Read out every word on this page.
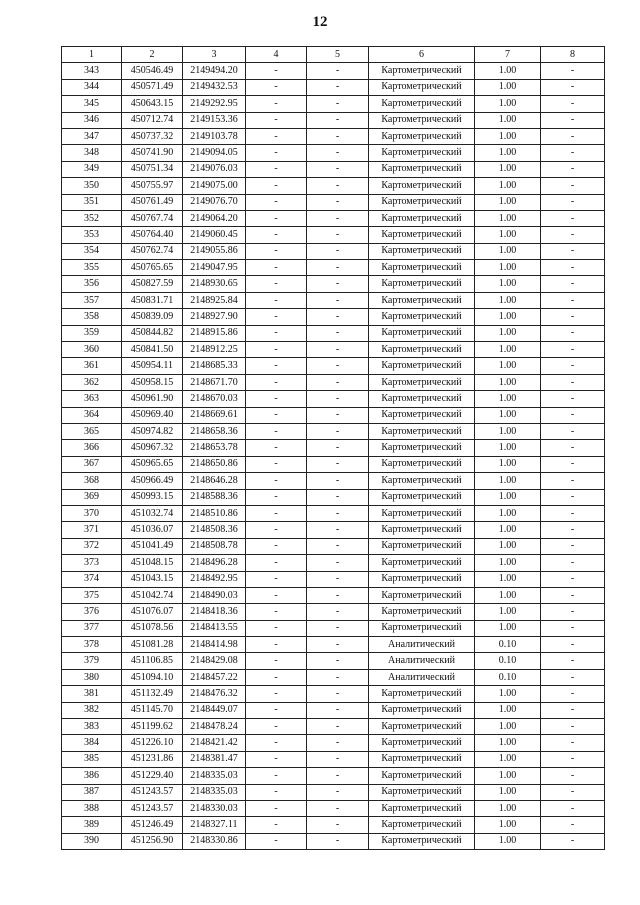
12
1	2	3	4	5	6	7	8
343	450546.49	2149494.20	-	-	Картометрический	1.00	-
344	450571.49	2149432.53	-	-	Картометрический	1.00	-
345	450643.15	2149292.95	-	-	Картометрический	1.00	-
346	450712.74	2149153.36	-	-	Картометрический	1.00	-
347	450737.32	2149103.78	-	-	Картометрический	1.00	-
348	450741.90	2149094.05	-	-	Картометрический	1.00	-
349	450751.34	2149076.03	-	-	Картометрический	1.00	-
350	450755.97	2149075.00	-	-	Картометрический	1.00	-
351	450761.49	2149076.70	-	-	Картометрический	1.00	-
352	450767.74	2149064.20	-	-	Картометрический	1.00	-
353	450764.40	2149060.45	-	-	Картометрический	1.00	-
354	450762.74	2149055.86	-	-	Картометрический	1.00	-
355	450765.65	2149047.95	-	-	Картометрический	1.00	-
356	450827.59	2148930.65	-	-	Картометрический	1.00	-
357	450831.71	2148925.84	-	-	Картометрический	1.00	-
358	450839.09	2148927.90	-	-	Картометрический	1.00	-
359	450844.82	2148915.86	-	-	Картометрический	1.00	-
360	450841.50	2148912.25	-	-	Картометрический	1.00	-
361	450954.11	2148685.33	-	-	Картометрический	1.00	-
362	450958.15	2148671.70	-	-	Картометрический	1.00	-
363	450961.90	2148670.03	-	-	Картометрический	1.00	-
364	450969.40	2148669.61	-	-	Картометрический	1.00	-
365	450974.82	2148658.36	-	-	Картометрический	1.00	-
366	450967.32	2148653.78	-	-	Картометрический	1.00	-
367	450965.65	2148650.86	-	-	Картометрический	1.00	-
368	450966.49	2148646.28	-	-	Картометрический	1.00	-
369	450993.15	2148588.36	-	-	Картометрический	1.00	-
370	451032.74	2148510.86	-	-	Картометрический	1.00	-
371	451036.07	2148508.36	-	-	Картометрический	1.00	-
372	451041.49	2148508.78	-	-	Картометрический	1.00	-
373	451048.15	2148496.28	-	-	Картометрический	1.00	-
374	451043.15	2148492.95	-	-	Картометрический	1.00	-
375	451042.74	2148490.03	-	-	Картометрический	1.00	-
376	451076.07	2148418.36	-	-	Картометрический	1.00	-
377	451078.56	2148413.55	-	-	Картометрический	1.00	-
378	451081.28	2148414.98	-	-	Аналитический	0.10	-
379	451106.85	2148429.08	-	-	Аналитический	0.10	-
380	451094.10	2148457.22	-	-	Аналитический	0.10	-
381	451132.49	2148476.32	-	-	Картометрический	1.00	-
382	451145.70	2148449.07	-	-	Картометрический	1.00	-
383	451199.62	2148478.24	-	-	Картометрический	1.00	-
384	451226.10	2148421.42	-	-	Картометрический	1.00	-
385	451231.86	2148381.47	-	-	Картометрический	1.00	-
386	451229.40	2148335.03	-	-	Картометрический	1.00	-
387	451243.57	2148335.03	-	-	Картометрический	1.00	-
388	451243.57	2148330.03	-	-	Картометрический	1.00	-
389	451246.49	2148327.11	-	-	Картометрический	1.00	-
390	451256.90	2148330.86	-	-	Картометрический	1.00	-
